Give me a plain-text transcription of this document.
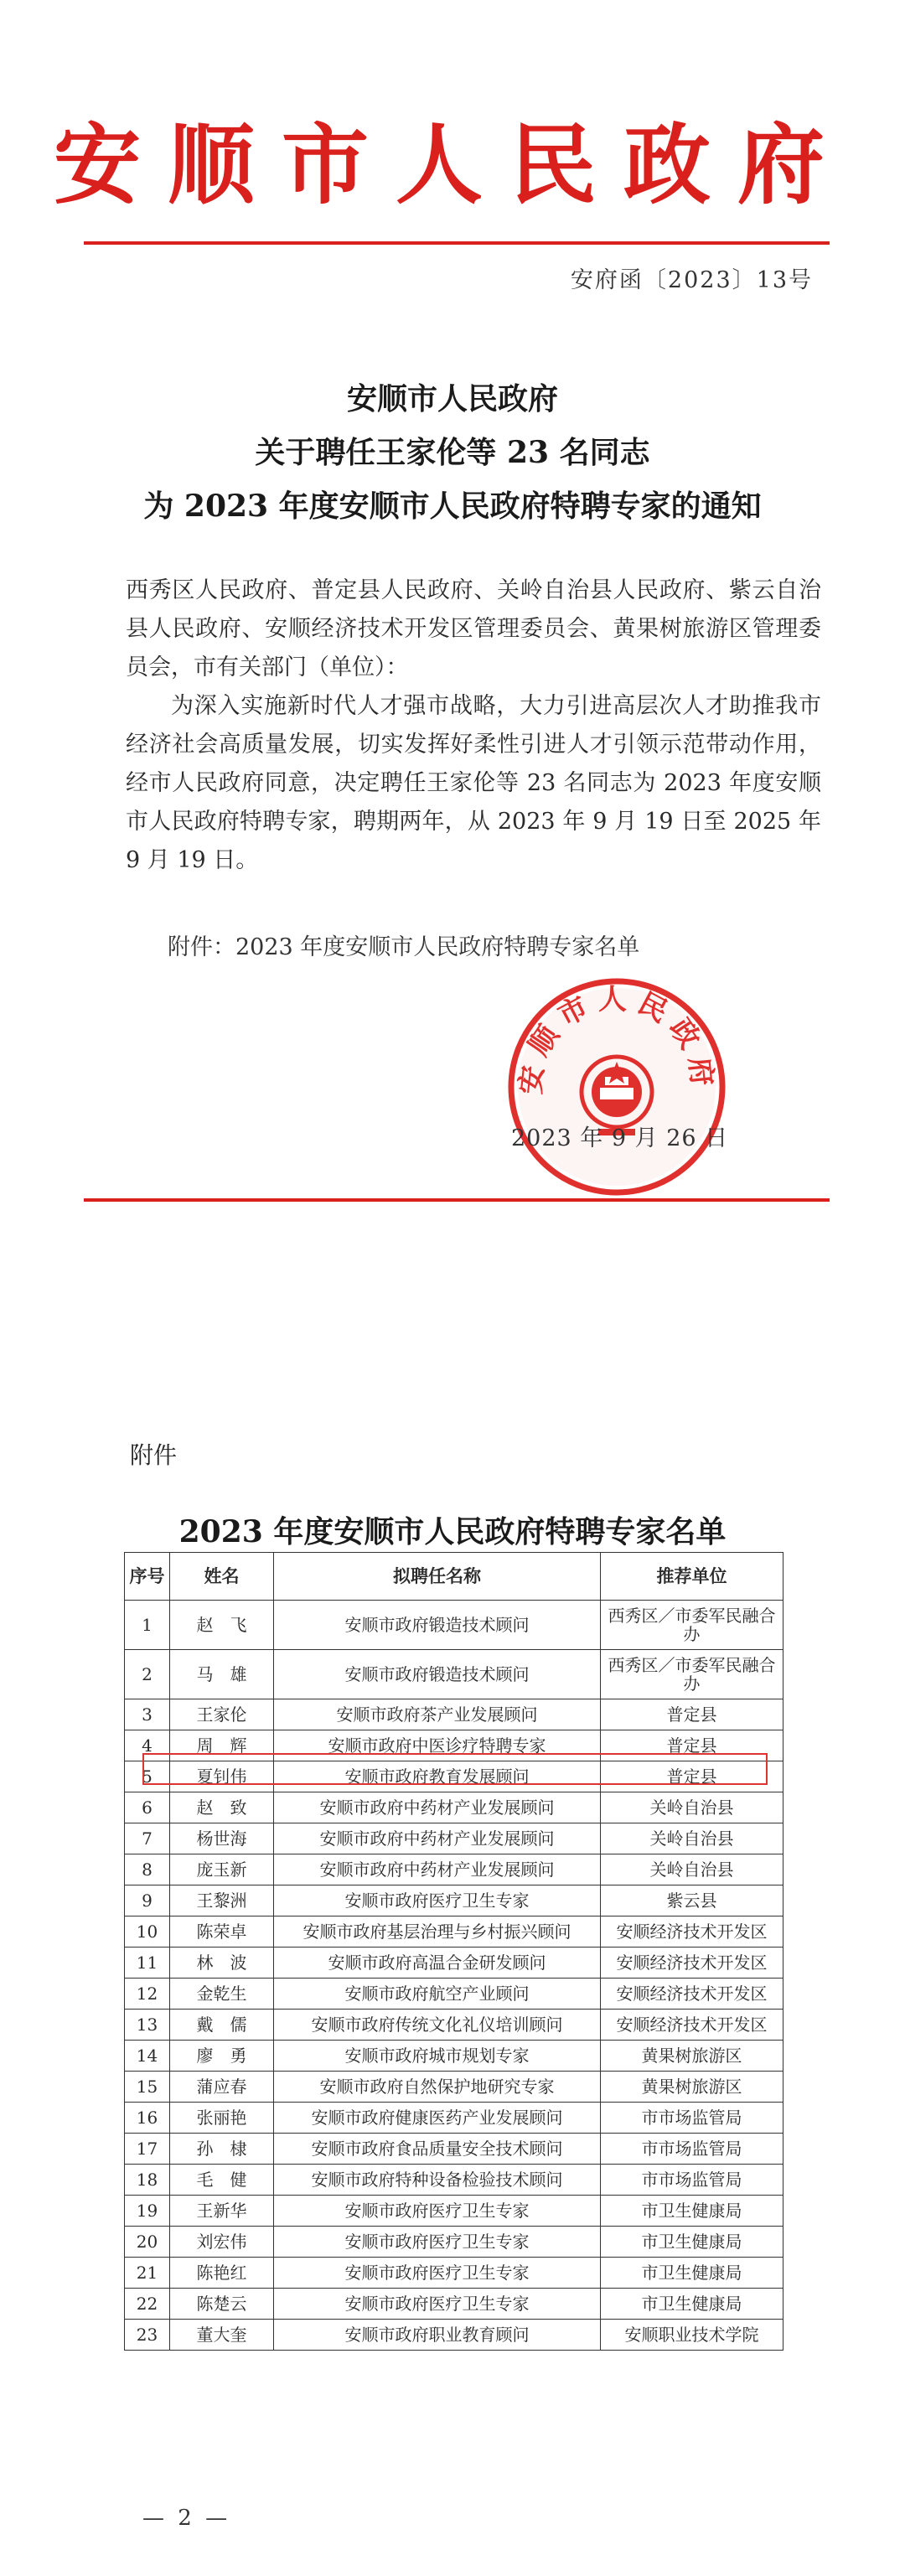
安顺市人民政府
安府函〔2023〕13号
安顺市人民政府
关于聘任王家伦等 23 名同志
为 2023 年度安顺市人民政府特聘专家的通知
西秀区人民政府、普定县人民政府、关岭自治县人民政府、紫云自治县人民政府、安顺经济技术开发区管理委员会、黄果树旅游区管理委员会，市有关部门（单位）：
为深入实施新时代人才强市战略，大力引进高层次人才助推我市经济社会高质量发展，切实发挥好柔性引进人才引领示范带动作用，经市人民政府同意，决定聘任王家伦等 23 名同志为 2023 年度安顺市人民政府特聘专家，聘期两年，从 2023 年 9 月 19 日至 2025 年 9 月 19 日。
附件：2023 年度安顺市人民政府特聘专家名单
安顺市人民政府
2023 年 9 月 26 日
附件
2023 年度安顺市人民政府特聘专家名单
序号	姓名	拟聘任名称	推荐单位
1	赵　飞	安顺市政府锻造技术顾问	西秀区／市委军民融合办
2	马　雄	安顺市政府锻造技术顾问	西秀区／市委军民融合办
3	王家伦	安顺市政府茶产业发展顾问	普定县
4	周　辉	安顺市政府中医诊疗特聘专家	普定县
5	夏钊伟	安顺市政府教育发展顾问	普定县
6	赵　致	安顺市政府中药材产业发展顾问	关岭自治县
7	杨世海	安顺市政府中药材产业发展顾问	关岭自治县
8	庞玉新	安顺市政府中药材产业发展顾问	关岭自治县
9	王黎洲	安顺市政府医疗卫生专家	紫云县
10	陈荣卓	安顺市政府基层治理与乡村振兴顾问	安顺经济技术开发区
11	林　波	安顺市政府高温合金研发顾问	安顺经济技术开发区
12	金乾生	安顺市政府航空产业顾问	安顺经济技术开发区
13	戴　儒	安顺市政府传统文化礼仪培训顾问	安顺经济技术开发区
14	廖　勇	安顺市政府城市规划专家	黄果树旅游区
15	蒲应春	安顺市政府自然保护地研究专家	黄果树旅游区
16	张丽艳	安顺市政府健康医药产业发展顾问	市市场监管局
17	孙　棣	安顺市政府食品质量安全技术顾问	市市场监管局
18	毛　健	安顺市政府特种设备检验技术顾问	市市场监管局
19	王新华	安顺市政府医疗卫生专家	市卫生健康局
20	刘宏伟	安顺市政府医疗卫生专家	市卫生健康局
21	陈艳红	安顺市政府医疗卫生专家	市卫生健康局
22	陈楚云	安顺市政府医疗卫生专家	市卫生健康局
23	董大奎	安顺市政府职业教育顾问	安顺职业技术学院
— 2 —
